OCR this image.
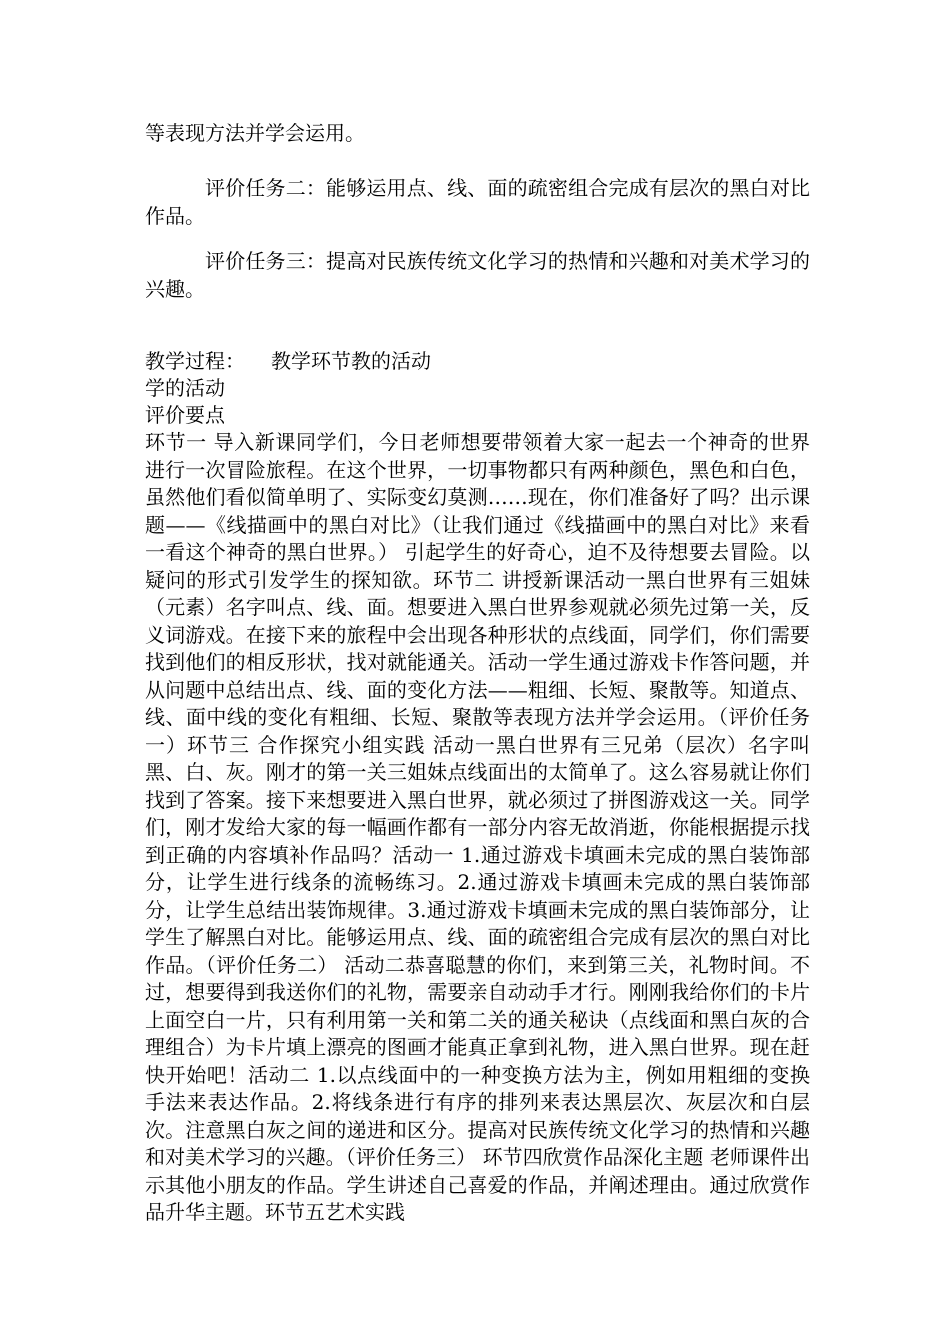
等表现方法并学会运用。

评价任务二：能够运用点、线、面的疏密组合完成有层次的黑白对比作品。

评价任务三：提高对民族传统文化学习的热情和兴趣和对美术学习的兴趣。

教学过程： 教学环节教的活动
学的活动
评价要点

环节一 导入新课同学们，今日老师想要带领着大家一起去一个神奇的世界进行一次冒险旅程。在这个世界，一切事物都只有两种颜色，黑色和白色，虽然他们看似简单明了、实际变幻莫测……现在，你们准备好了吗？出示课题——《线描画中的黑白对比》（让我们通过《线描画中的黑白对比》来看一看这个神奇的黑白世界。） 引起学生的好奇心，迫不及待想要去冒险。以疑问的形式引发学生的探知欲。环节二 讲授新课活动一黑白世界有三姐妹（元素）名字叫点、线、面。想要进入黑白世界参观就必须先过第一关，反义词游戏。在接下来的旅程中会出现各种形状的点线面，同学们，你们需要找到他们的相反形状，找对就能通关。活动一学生通过游戏卡作答问题，并从问题中总结出点、线、面的变化方法——粗细、长短、聚散等。知道点、线、面中线的变化有粗细、长短、聚散等表现方法并学会运用。（评价任务一）环节三 合作探究小组实践 活动一黑白世界有三兄弟（层次）名字叫黑、白、灰。刚才的第一关三姐妹点线面出的太简单了。这么容易就让你们找到了答案。接下来想要进入黑白世界，就必须过了拼图游戏这一关。同学们，刚才发给大家的每一幅画作都有一部分内容无故消逝，你能根据提示找到正确的内容填补作品吗？活动一 1.通过游戏卡填画未完成的黑白装饰部分，让学生进行线条的流畅练习。2.通过游戏卡填画未完成的黑白装饰部分，让学生总结出装饰规律。3.通过游戏卡填画未完成的黑白装饰部分，让学生了解黑白对比。能够运用点、线、面的疏密组合完成有层次的黑白对比作品。（评价任务二） 活动二恭喜聪慧的你们，来到第三关，礼物时间。不过，想要得到我送你们的礼物，需要亲自动动手才行。刚刚我给你们的卡片上面空白一片，只有利用第一关和第二关的通关秘诀（点线面和黑白灰的合理组合）为卡片填上漂亮的图画才能真正拿到礼物，进入黑白世界。现在赶快开始吧！活动二 1.以点线面中的一种变换方法为主，例如用粗细的变换手法来表达作品。2.将线条进行有序的排列来表达黑层次、灰层次和白层次。注意黑白灰之间的递进和区分。提高对民族传统文化学习的热情和兴趣和对美术学习的兴趣。（评价任务三） 环节四欣赏作品深化主题 老师课件出示其他小朋友的作品。学生讲述自己喜爱的作品，并阐述理由。通过欣赏作品升华主题。环节五艺术实践
